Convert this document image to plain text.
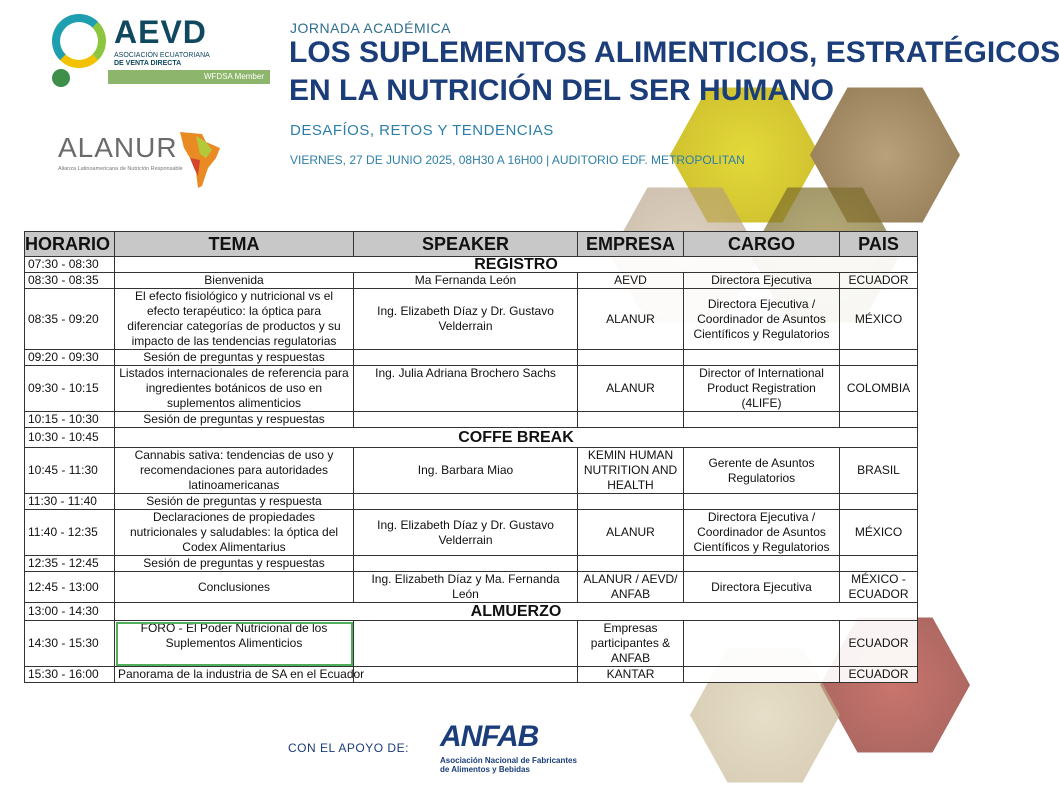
AEVD
ASOCIACIÓN ECUATORIANA
DE VENTA DIRECTA
WFDSA Member
ALANUR
Alianza Latinoamericana de Nutrición Responsable
JORNADA ACADÉMICA
LOS SUPLEMENTOS ALIMENTICIOS, ESTRATÉGICOS
EN LA NUTRICIÓN DEL SER HUMANO
DESAFÍOS, RETOS Y TENDENCIAS
VIERNES, 27 DE JUNIO 2025, 08H30 A 16H00 | AUDITORIO EDF. METROPOLITAN
HORARIO	TEMA	SPEAKER	EMPRESA	CARGO	PAIS
07:30 - 08:30	REGISTRO				
08:30 - 08:35	Bienvenida	Ma Fernanda León	AEVD	Directora Ejecutiva	ECUADOR
08:35 - 09:20	El efecto fisiológico y nutricional vs el efecto terapéutico: la óptica para diferenciar categorías de productos y su impacto de las tendencias regulatorias	Ing. Elizabeth Díaz y Dr. Gustavo Velderrain	ALANUR	Directora Ejecutiva / Coordinador de Asuntos Científicos y Regulatorios	MÉXICO
09:20 - 09:30	Sesión de preguntas y respuestas				
09:30 - 10:15	Listados internacionales de referencia para ingredientes botánicos de uso en suplementos alimenticios	Ing. Julia Adriana Brochero Sachs	ALANUR	Director of International Product Registration (4LIFE)	COLOMBIA
10:15 - 10:30	Sesión de preguntas y respuestas				
10:30 - 10:45	COFFE BREAK				
10:45 - 11:30	Cannabis sativa: tendencias de uso y recomendaciones para autoridades latinoamericanas	Ing. Barbara Miao	KEMIN HUMAN NUTRITION AND HEALTH	Gerente de Asuntos Regulatorios	BRASIL
11:30 - 11:40	Sesión de preguntas y respuesta				
11:40 - 12:35	Declaraciones de propiedades nutricionales y saludables: la óptica del Codex Alimentarius	Ing. Elizabeth Díaz y Dr. Gustavo Velderrain	ALANUR	Directora Ejecutiva / Coordinador de Asuntos Científicos y Regulatorios	MÉXICO
12:35 - 12:45	Sesión de preguntas y respuestas				
12:45 - 13:00	Conclusiones	Ing. Elizabeth Díaz y Ma. Fernanda León	ALANUR / AEVD/ ANFAB	Directora Ejecutiva	MÉXICO - ECUADOR
13:00 - 14:30	ALMUERZO				
14:30 - 15:30	FORO - El Poder Nutricional de los Suplementos Alimenticios		Empresas participantes & ANFAB		ECUADOR
15:30 - 16:00	Panorama de la industria de SA en el Ecuador		KANTAR		ECUADOR
CON EL APOYO DE: ANFAB
Asociación Nacional de Fabricantes
de Alimentos y Bebidas
